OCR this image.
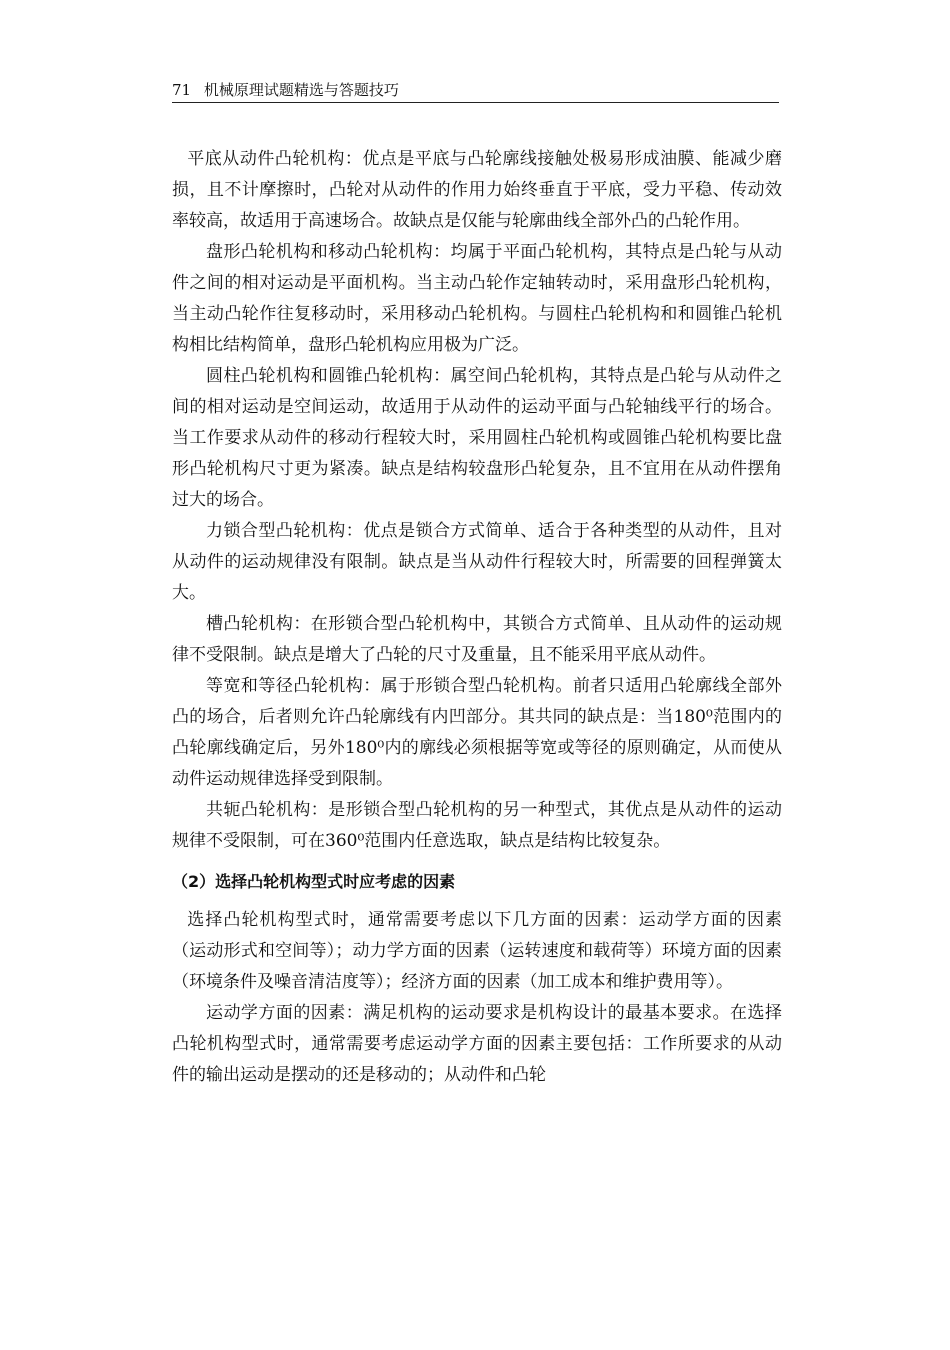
71 机械原理试题精选与答题技巧

平底从动件凸轮机构：优点是平底与凸轮廓线接触处极易形成油膜、能减少磨损，且不计摩擦时，凸轮对从动件的作用力始终垂直于平底，受力平稳、传动效率较高，故适用于高速场合。故缺点是仅能与轮廓曲线全部外凸的凸轮作用。

盘形凸轮机构和移动凸轮机构：均属于平面凸轮机构，其特点是凸轮与从动件之间的相对运动是平面机构。当主动凸轮作定轴转动时，采用盘形凸轮机构，当主动凸轮作往复移动时，采用移动凸轮机构。与圆柱凸轮机构和和圆锥凸轮机构相比结构简单，盘形凸轮机构应用极为广泛。

圆柱凸轮机构和圆锥凸轮机构：属空间凸轮机构，其特点是凸轮与从动件之间的相对运动是空间运动，故适用于从动件的运动平面与凸轮轴线平行的场合。当工作要求从动件的移动行程较大时，采用圆柱凸轮机构或圆锥凸轮机构要比盘形凸轮机构尺寸更为紧凑。缺点是结构较盘形凸轮复杂，且不宜用在从动件摆角过大的场合。

力锁合型凸轮机构：优点是锁合方式简单、适合于各种类型的从动件，且对从动件的运动规律没有限制。缺点是当从动件行程较大时，所需要的回程弹簧太大。

槽凸轮机构：在形锁合型凸轮机构中，其锁合方式简单、且从动件的运动规律不受限制。缺点是增大了凸轮的尺寸及重量，且不能采用平底从动件。

等宽和等径凸轮机构：属于形锁合型凸轮机构。前者只适用凸轮廓线全部外凸的场合，后者则允许凸轮廓线有内凹部分。其共同的缺点是：当180⁰范围内的凸轮廓线确定后，另外180⁰内的廓线必须根据等宽或等径的原则确定，从而使从动件运动规律选择受到限制。

共轭凸轮机构：是形锁合型凸轮机构的另一种型式，其优点是从动件的运动规律不受限制，可在360⁰范围内任意选取，缺点是结构比较复杂。

（2）选择凸轮机构型式时应考虑的因素

选择凸轮机构型式时，通常需要考虑以下几方面的因素：运动学方面的因素（运动形式和空间等）；动力学方面的因素（运转速度和载荷等）环境方面的因素（环境条件及噪音清洁度等）；经济方面的因素（加工成本和维护费用等）。

运动学方面的因素：满足机构的运动要求是机构设计的最基本要求。在选择凸轮机构型式时，通常需要考虑运动学方面的因素主要包括：工作所要求的从动件的输出运动是摆动的还是移动的；从动件和凸轮
